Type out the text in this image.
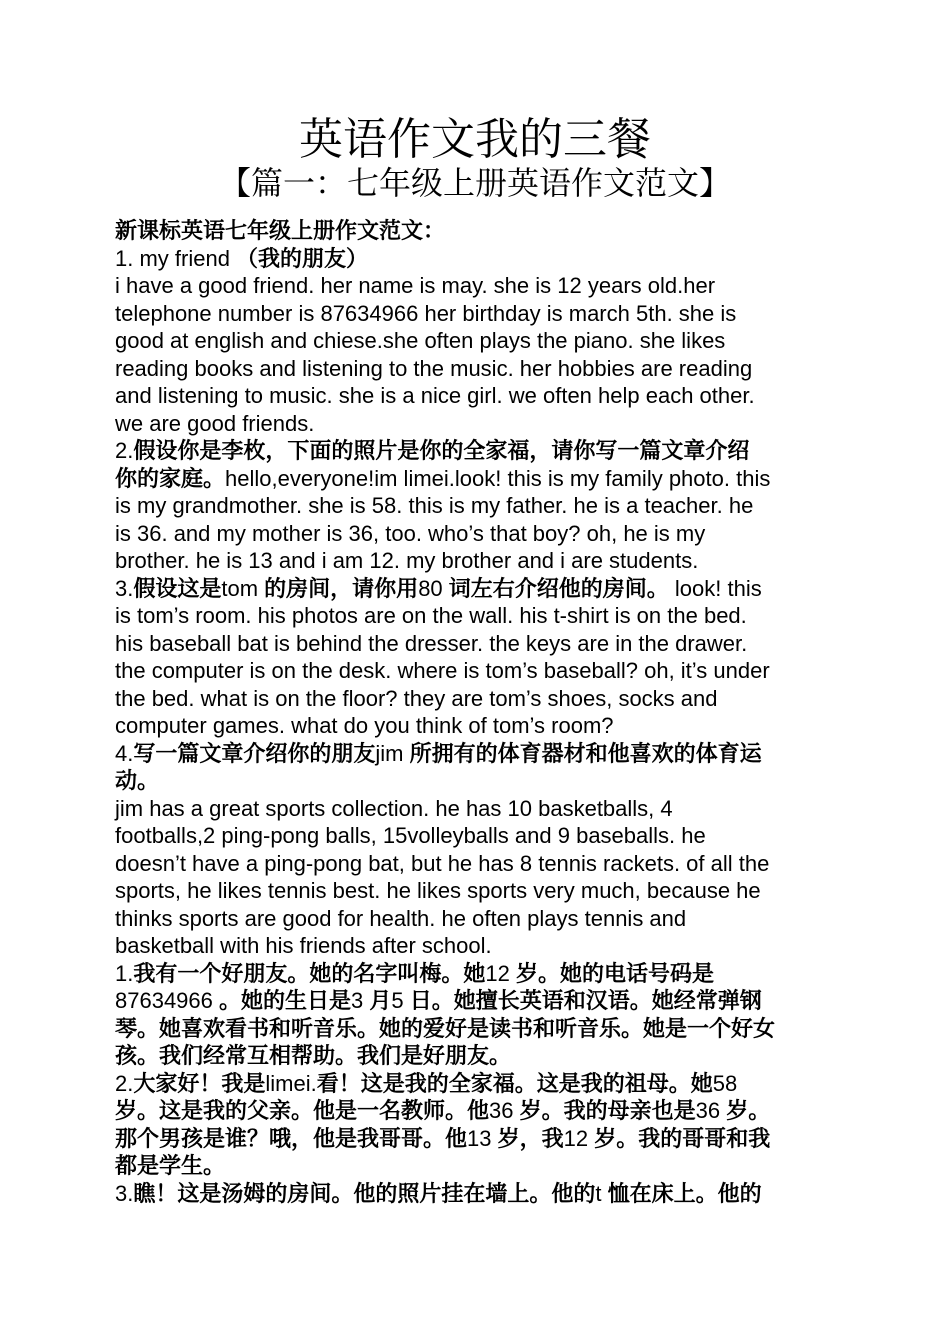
英语作文我的三餐
【篇一：七年级上册英语作文范文】
新课标英语七年级上册作文范文：
1. my friend （我的朋友）
i have a good friend. her name is may. she is 12 years old.her
telephone number is 87634966 her birthday is march 5th. she is
good at english and chiese.she often plays the piano. she likes
reading books and listening to the music. her hobbies are reading
and listening to music. she is a nice girl. we often help each other.
we are good friends.
2.假设你是李枚，下面的照片是你的全家福，请你写一篇文章介绍
你的家庭。hello,everyone!im limei.look! this is my family photo. this
is my grandmother. she is 58. this is my father. he is a teacher. he
is 36. and my mother is 36, too. who’s that boy? oh, he is my
brother. he is 13 and i am 12. my brother and i are students.
3.假设这是tom 的房间，请你用80 词左右介绍他的房间。 look! this
is tom’s room. his photos are on the wall. his t-shirt is on the bed.
his baseball bat is behind the dresser. the keys are in the drawer.
the computer is on the desk. where is tom’s baseball? oh, it’s under
the bed. what is on the floor? they are tom’s shoes, socks and
computer games. what do you think of tom’s room?
4.写一篇文章介绍你的朋友jim 所拥有的体育器材和他喜欢的体育运
动。
jim has a great sports collection. he has 10 basketballs, 4
footballs,2 ping-pong balls, 15volleyballs and 9 baseballs. he
doesn’t have a ping-pong bat, but he has 8 tennis rackets. of all the
sports, he likes tennis best. he likes sports very much, because he
thinks sports are good for health. he often plays tennis and
basketball with his friends after school.
1.我有一个好朋友。她的名字叫梅。她12 岁。她的电话号码是
87634966 。她的生日是3 月5 日。她擅长英语和汉语。她经常弹钢
琴。她喜欢看书和听音乐。她的爱好是读书和听音乐。她是一个好女
孩。我们经常互相帮助。我们是好朋友。
2.大家好！我是limei.看！这是我的全家福。这是我的祖母。她58
岁。这是我的父亲。他是一名教师。他36 岁。我的母亲也是36 岁。
那个男孩是谁？哦，他是我哥哥。他13 岁，我12 岁。我的哥哥和我
都是学生。
3.瞧！这是汤姆的房间。他的照片挂在墙上。他的t 恤在床上。他的
